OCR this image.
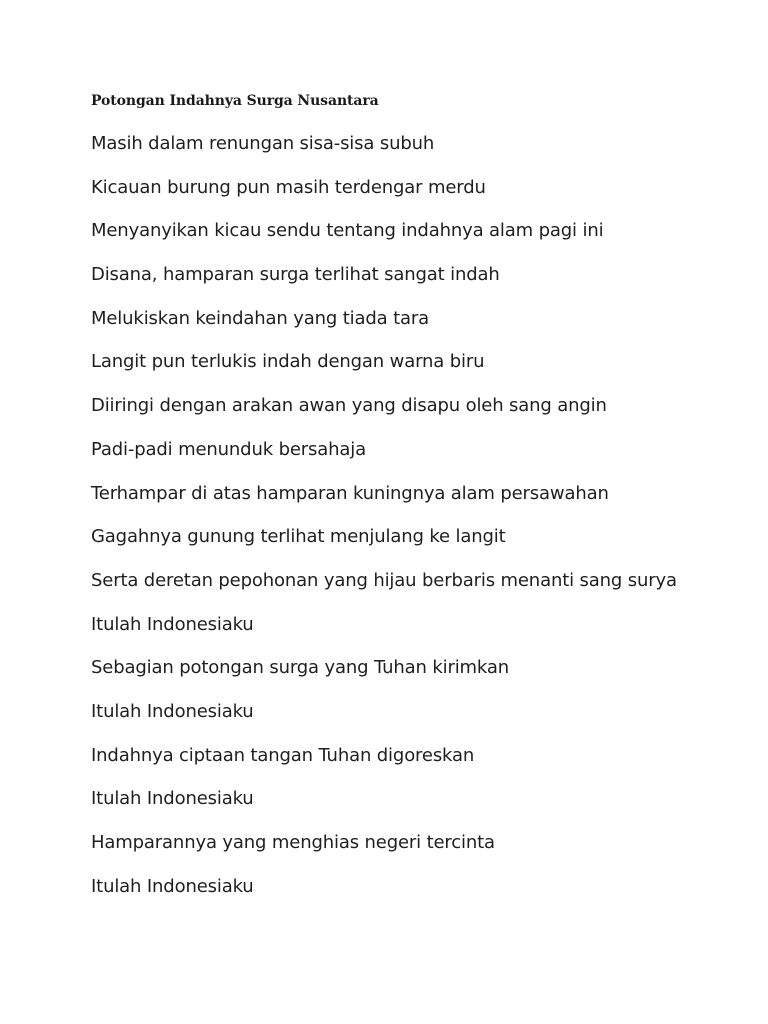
Potongan Indahnya Surga Nusantara
Masih dalam renungan sisa-sisa subuh
Kicauan burung pun masih terdengar merdu
Menyanyikan kicau sendu tentang indahnya alam pagi ini
Disana, hamparan surga terlihat sangat indah
Melukiskan keindahan yang tiada tara
Langit pun terlukis indah dengan warna biru
Diiringi dengan arakan awan yang disapu oleh sang angin
Padi-padi menunduk bersahaja
Terhampar di atas hamparan kuningnya alam persawahan
Gagahnya gunung terlihat menjulang ke langit
Serta deretan pepohonan yang hijau berbaris menanti sang surya
Itulah Indonesiaku
Sebagian potongan surga yang Tuhan kirimkan
Itulah Indonesiaku
Indahnya ciptaan tangan Tuhan digoreskan
Itulah Indonesiaku
Hamparannya yang menghias negeri tercinta
Itulah Indonesiaku
